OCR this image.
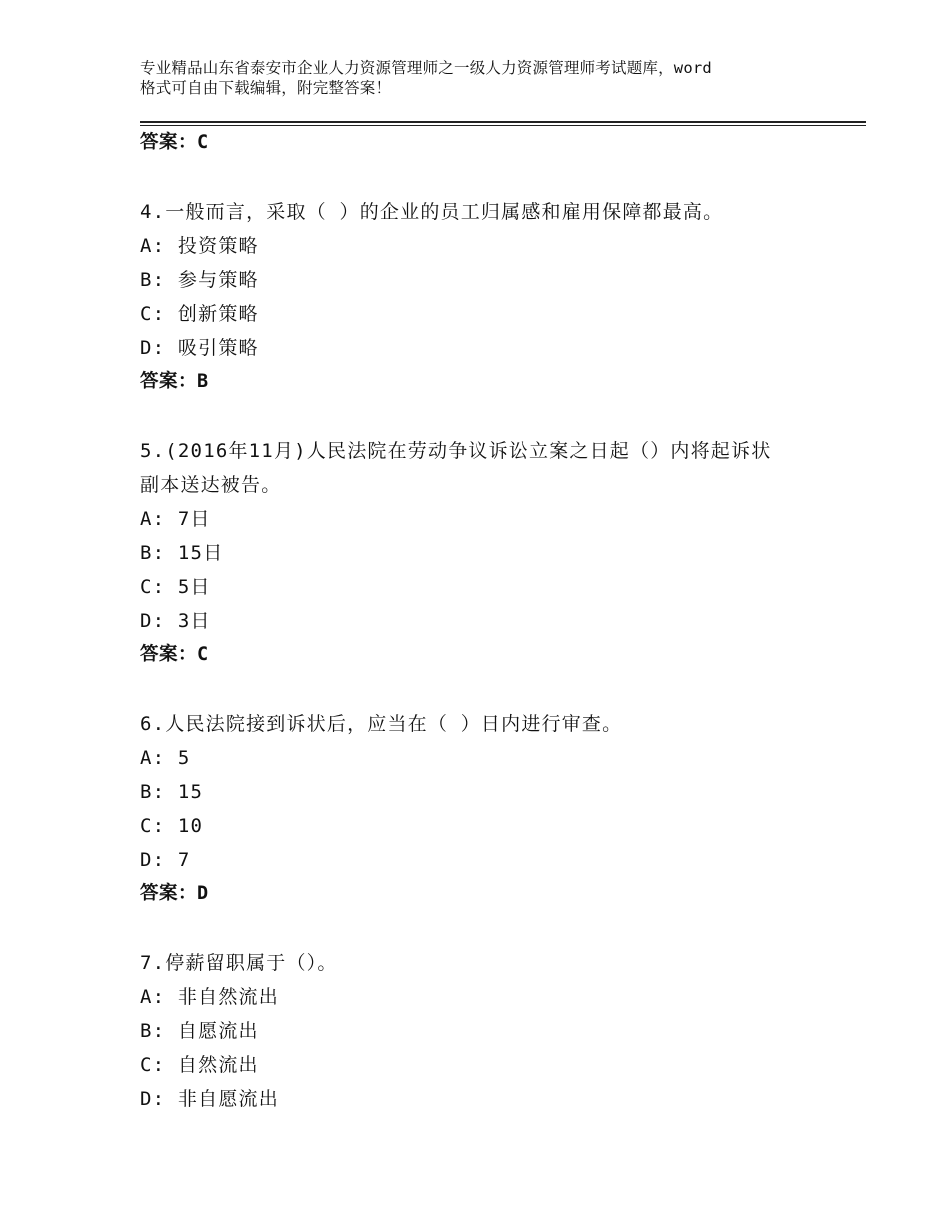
专业精品山东省泰安市企业人力资源管理师之一级人力资源管理师考试题库，word
格式可自由下载编辑，附完整答案！
答案：C
4.一般而言，采取（ ）的企业的员工归属感和雇用保障都最高。
A: 投资策略
B: 参与策略
C: 创新策略
D: 吸引策略
答案：B
5.(2016年11月)人民法院在劳动争议诉讼立案之日起（）内将起诉状
副本送达被告。
A: 7日
B: 15日
C: 5日
D: 3日
答案：C
6.人民法院接到诉状后，应当在（ ）日内进行审查。
A: 5
B: 15
C: 10
D: 7
答案：D
7.停薪留职属于（）。
A: 非自然流出
B: 自愿流出
C: 自然流出
D: 非自愿流出
